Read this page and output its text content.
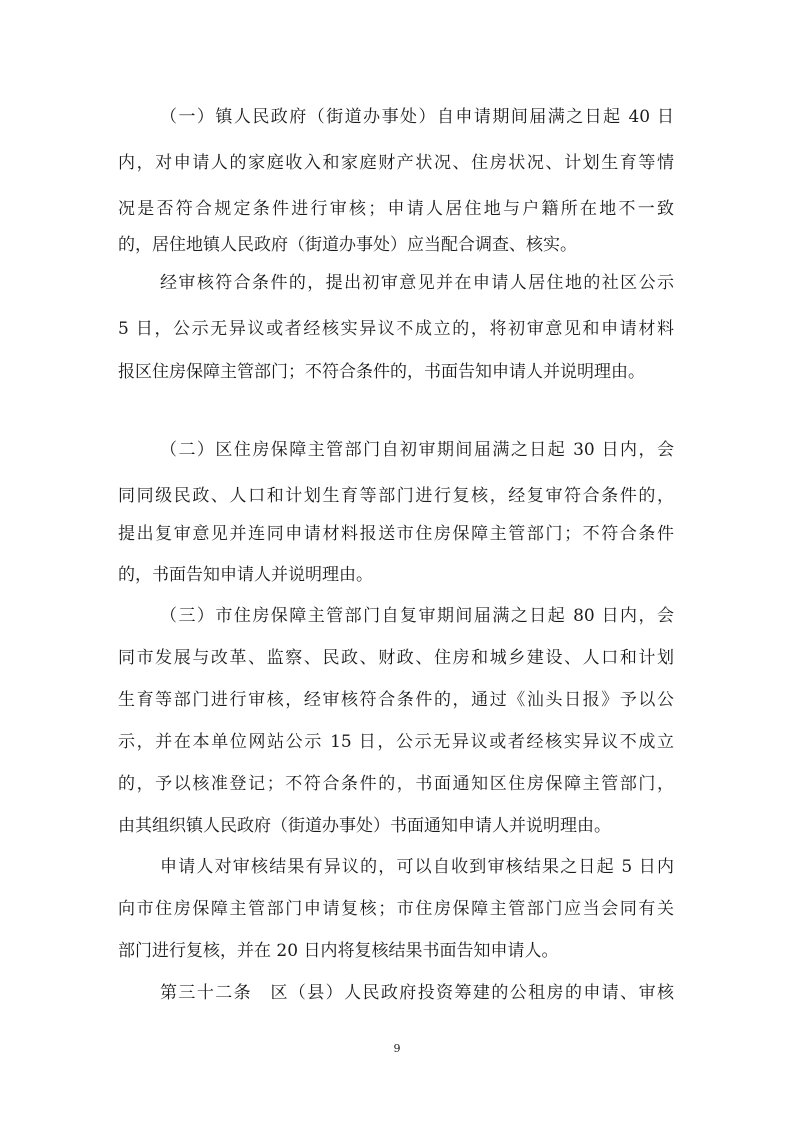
（一）镇人民政府（街道办事处）自申请期间届满之日起 40 日
内，对申请人的家庭收入和家庭财产状况、住房状况、计划生育等情
况是否符合规定条件进行审核；申请人居住地与户籍所在地不一致
的，居住地镇人民政府（街道办事处）应当配合调查、核实。
经审核符合条件的，提出初审意见并在申请人居住地的社区公示
5 日，公示无异议或者经核实异议不成立的，将初审意见和申请材料
报区住房保障主管部门；不符合条件的，书面告知申请人并说明理由。
（二）区住房保障主管部门自初审期间届满之日起 30 日内，会
同同级民政、人口和计划生育等部门进行复核，经复审符合条件的，
提出复审意见并连同申请材料报送市住房保障主管部门；不符合条件
的，书面告知申请人并说明理由。
（三）市住房保障主管部门自复审期间届满之日起 80 日内，会
同市发展与改革、监察、民政、财政、住房和城乡建设、人口和计划
生育等部门进行审核，经审核符合条件的，通过《汕头日报》予以公
示，并在本单位网站公示 15 日，公示无异议或者经核实异议不成立
的，予以核准登记；不符合条件的，书面通知区住房保障主管部门，
由其组织镇人民政府（街道办事处）书面通知申请人并说明理由。
申请人对审核结果有异议的，可以自收到审核结果之日起 5 日内
向市住房保障主管部门申请复核；市住房保障主管部门应当会同有关
部门进行复核，并在 20 日内将复核结果书面告知申请人。
第三十二条　区（县）人民政府投资筹建的公租房的申请、审核
9
